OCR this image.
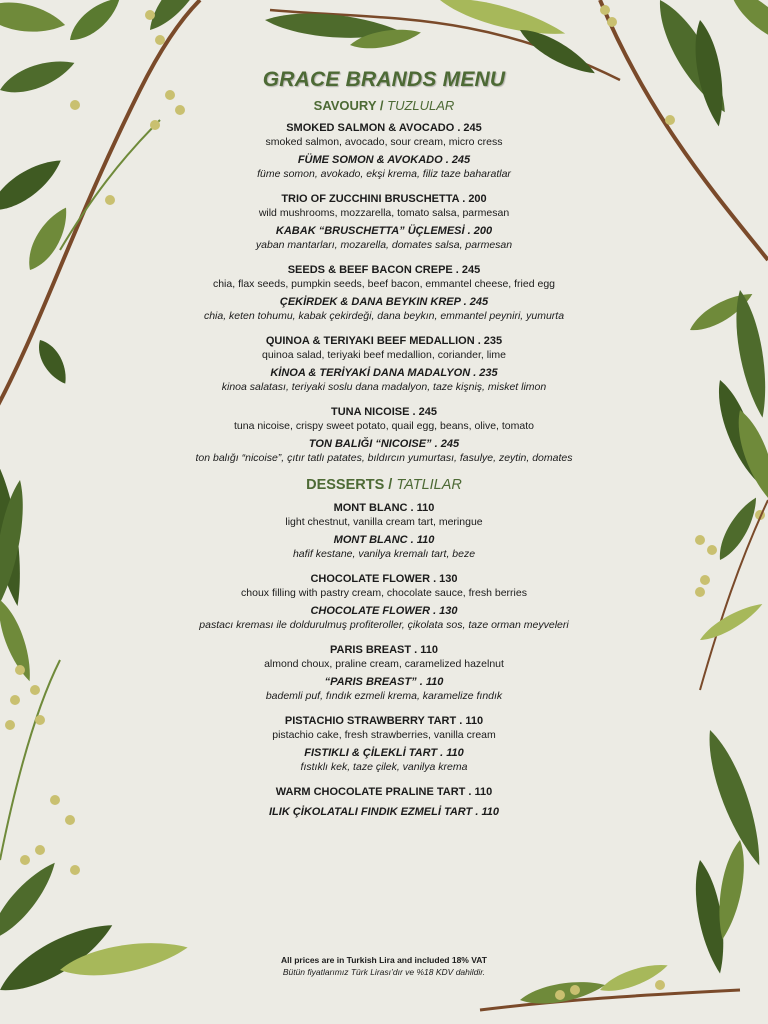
GRACE BRANDS MENU
SAVOURY / TUZLULAR
SMOKED SALMON & AVOCADO . 245
smoked salmon, avocado, sour cream, micro cress
FÜME SOMON & AVOKADO . 245
füme somon, avokado, ekşi krema, filiz taze baharatlar
TRIO OF ZUCCHINI BRUSCHETTA . 200
wild mushrooms, mozzarella, tomato salsa, parmesan
KABAK “BRUSCHETTA” ÜÇLEMESİ . 200
yaban mantarları, mozarella, domates salsa, parmesan
SEEDS & BEEF BACON CREPE . 245
chia, flax seeds, pumpkin seeds, beef bacon, emmantel cheese, fried egg
ÇEKİRDEK & DANA BEYKIN KREP . 245
chia, keten tohumu, kabak çekirdeği, dana beykın, emmantel peyniri, yumurta
QUINOA & TERIYAKI BEEF MEDALLION . 235
quinoa salad, teriyaki beef medallion, coriander, lime
KİNOA & TERİYAKİ DANA MADALYON . 235
kinoa salatası, teriyaki soslu dana madalyon, taze kişniş, misket limon
TUNA NICOISE . 245
tuna nicoise, crispy sweet potato, quail egg, beans, olive, tomato
TON BALIĞI “NICOISE” . 245
ton balığı “nicoise”, çıtır tatlı patates, bıldırcın yumurtası, fasulye, zeytin, domates
DESSERTS / TATLILAR
MONT BLANC . 110
light chestnut, vanilla cream tart, meringue
MONT BLANC . 110
hafif kestane, vanilya kremalı tart, beze
CHOCOLATE FLOWER . 130
choux filling with pastry cream, chocolate sauce, fresh berries
CHOCOLATE FLOWER . 130
pastacı kreması ile doldurulmuş profiteroller, çikolata sos, taze orman meyveleri
PARIS BREAST . 110
almond choux, praline cream, caramelized hazelnut
“PARIS BREAST” . 110
bademli puf, fındık ezmeli krema, karamelize fındık
PISTACHIO STRAWBERRY TART . 110
pistachio cake, fresh strawberries, vanilla cream
FISTIKLI & ÇİLEKLİ TART . 110
fıstıklı kek, taze çilek, vanilya krema
WARM CHOCOLATE PRALINE TART . 110
ILIK ÇİKOLATALI FINDIK EZMELİ TART . 110
All prices are in Turkish Lira and included 18% VAT
Bütün fiyatlarımız Türk Lirası’dır ve %18 KDV dahildir.
